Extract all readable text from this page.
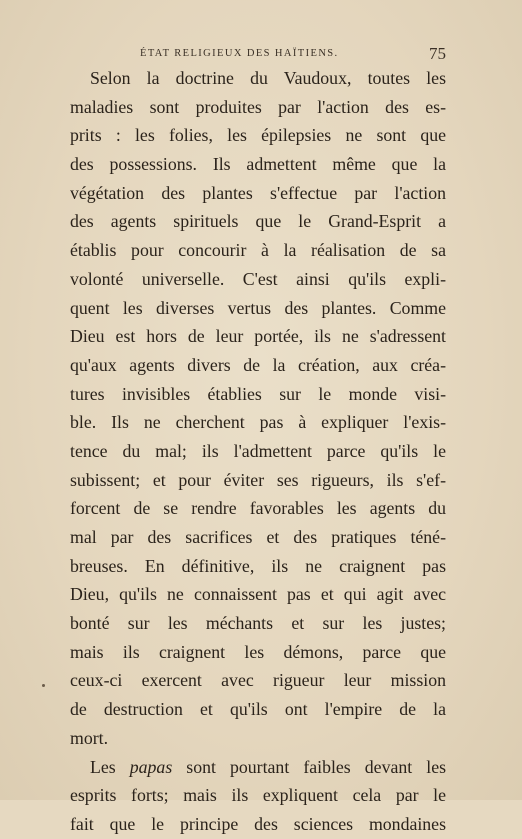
ÉTAT RELIGIEUX DES HAÏTIENS.	75
Selon la doctrine du Vaudoux, toutes les
maladies sont produites par l'action des es-
prits : les folies, les épilepsies ne sont que
des possessions. Ils admettent même que la
végétation des plantes s'effectue par l'action
des agents spirituels que le Grand-Esprit a
établis pour concourir à la réalisation de sa
volonté universelle. C'est ainsi qu'ils expli-
quent les diverses vertus des plantes. Comme
Dieu est hors de leur portée, ils ne s'adressent
qu'aux agents divers de la création, aux créa-
tures invisibles établies sur le monde visi-
ble. Ils ne cherchent pas à expliquer l'exis-
tence du mal; ils l'admettent parce qu'ils le
subissent; et pour éviter ses rigueurs, ils s'ef-
forcent de se rendre favorables les agents du
mal par des sacrifices et des pratiques téné-
breuses. En définitive, ils ne craignent pas
Dieu, qu'ils ne connaissent pas et qui agit avec
bonté sur les méchants et sur les justes;
mais ils craignent les démons, parce que
ceux-ci exercent avec rigueur leur mission
de destruction et qu'ils ont l'empire de la
mort.
Les papas sont pourtant faibles devant les
esprits forts; mais ils expliquent cela par le
fait que le principe des sciences mondaines
